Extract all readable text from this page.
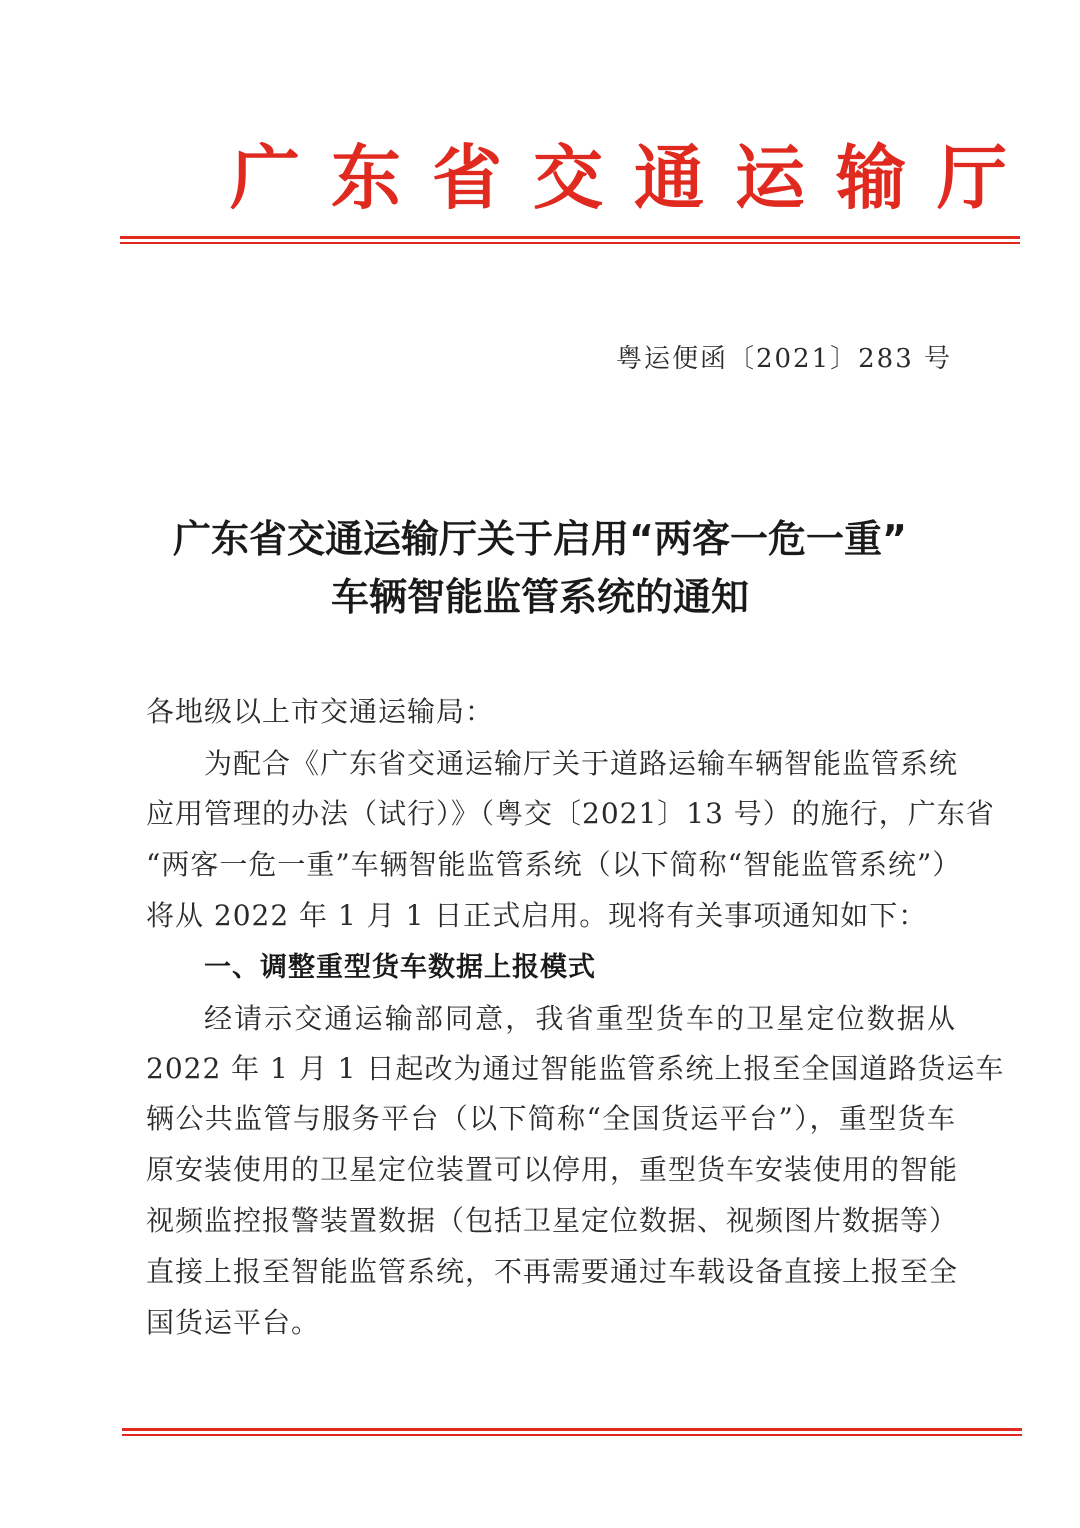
广东省交通运输厅
粤运便函〔2021〕283 号
广东省交通运输厅关于启用“两客一危一重”
车辆智能监管系统的通知
各地级以上市交通运输局：
为配合《广东省交通运输厅关于道路运输车辆智能监管系统
应用管理的办法（试行）》（粤交〔2021〕13 号）的施行，广东省
“两客一危一重”车辆智能监管系统（以下简称“智能监管系统”）
将从 2022 年 1 月 1 日正式启用。现将有关事项通知如下：
一、调整重型货车数据上报模式
经请示交通运输部同意，我省重型货车的卫星定位数据从
2022 年 1 月 1 日起改为通过智能监管系统上报至全国道路货运车
辆公共监管与服务平台（以下简称“全国货运平台”），重型货车
原安装使用的卫星定位装置可以停用，重型货车安装使用的智能
视频监控报警装置数据（包括卫星定位数据、视频图片数据等）
直接上报至智能监管系统，不再需要通过车载设备直接上报至全
国货运平台。
